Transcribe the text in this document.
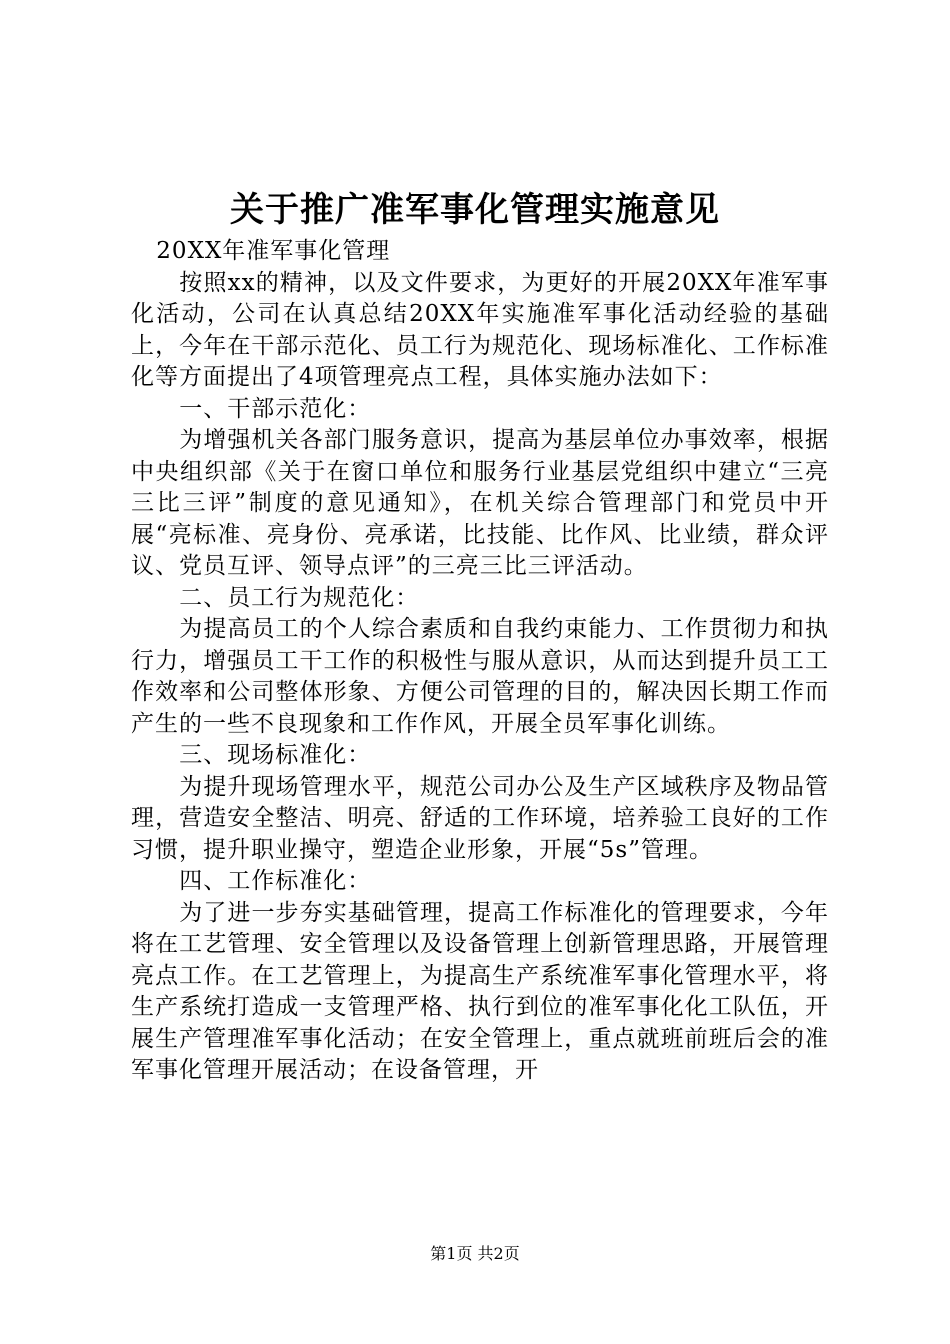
关于推广准军事化管理实施意见

20XX年准军事化管理

按照xx的精神，以及文件要求，为更好的开展20XX年准军事化活动，公司在认真总结20XX年实施准军事化活动经验的基础上，今年在干部示范化、员工行为规范化、现场标准化、工作标准化等方面提出了4项管理亮点工程，具体实施办法如下：

一、干部示范化：

为增强机关各部门服务意识，提高为基层单位办事效率，根据中央组织部《关于在窗口单位和服务行业基层党组织中建立“三亮三比三评”制度的意见通知》，在机关综合管理部门和党员中开展“亮标准、亮身份、亮承诺，比技能、比作风、比业绩，群众评议、党员互评、领导点评”的三亮三比三评活动。

二、员工行为规范化：

为提高员工的个人综合素质和自我约束能力、工作贯彻力和执行力，增强员工干工作的积极性与服从意识，从而达到提升员工工作效率和公司整体形象、方便公司管理的目的，解决因长期工作而产生的一些不良现象和工作作风，开展全员军事化训练。

三、现场标准化：

为提升现场管理水平，规范公司办公及生产区域秩序及物品管理，营造安全整洁、明亮、舒适的工作环境，培养验工良好的工作习惯，提升职业操守，塑造企业形象，开展“5s”管理。

四、工作标准化：

为了进一步夯实基础管理，提高工作标准化的管理要求，今年将在工艺管理、安全管理以及设备管理上创新管理思路，开展管理亮点工作。在工艺管理上，为提高生产系统准军事化管理水平，将生产系统打造成一支管理严格、执行到位的准军事化化工队伍，开展生产管理准军事化活动；在安全管理上，重点就班前班后会的准军事化管理开展活动；在设备管理，开

第1页 共2页
